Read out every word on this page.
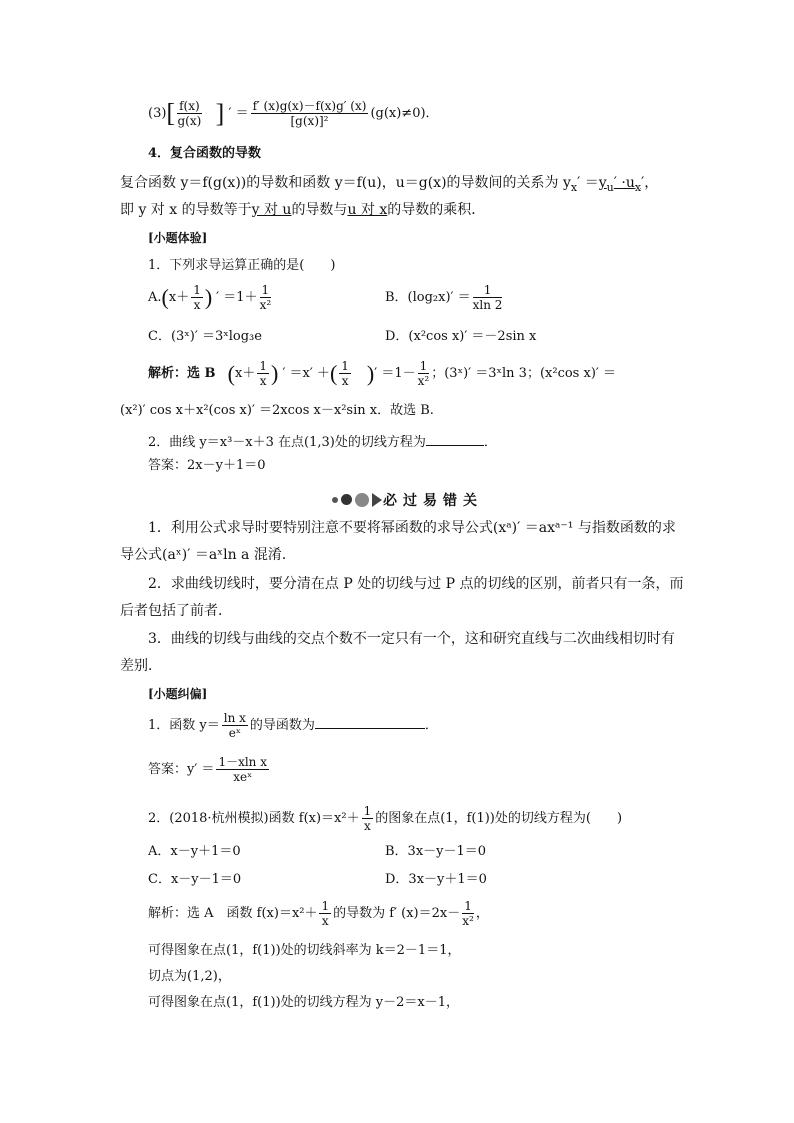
$(3)[ \frac{f(x)}{g(x)}$ ] ′ ＝ $\frac{f' (x)g(x)-f(x)g' (x)}{\text{[g(x)]²}} (g(x)\ne 0)$．
4．复合函数的导数
复合函数 y＝f(g(x))的导数和函数 y＝f(u)，u＝g(x)的导数间的关系为 $y_x' =y_u' \cdot u_x'$，
即 y 对 x 的导数等于y 对 u的导数与u 对 x的导数的乘积．
[小题体验]
1．下列求导运算正确的是(　　)
$A.(x+ \frac{1}{x}$ ) ′ $=1+ \frac{1}{\text{x²}}$	B．$(\log_2x)' = \frac{1}{xln 2}$
C．(3ˣ)′ ＝3ˣlog₃e	D．(x²cos x)′ ＝－2sin x
解析：选 B ($x+ \frac{1}{x}$ ) ′ ＝x′ ＋( $\frac{1}{x}$ )′ $=1- \frac{1}{\text{x²}}$ ；(3ˣ)′ ＝3ˣln 3；(x²cos x)′ ＝
(x²)′ cos x＋x²(cos x)′ ＝2xcos x－x²sin x．故选 B.
2．曲线 y＝x³－x＋3 在点(1,3)处的切线方程为	．
答案：2x－y＋1＝0
必过易错关
1．利用公式求导时要特别注意不要将幂函数的求导公式(xᵃ)′ ＝axᵃ⁻¹ 与指数函数的求
导公式(aˣ)′ ＝aˣln a 混淆．
2．求曲线切线时，要分清在点 P 处的切线与过 P 点的切线的区别，前者只有一条，而
后者包括了前者．
3．曲线的切线与曲线的交点个数不一定只有一个，这和研究直线与二次曲线相切时有
差别．
[小题纠偏]
1．函数 $y= \frac{\text{ln x}}{\text{eˣ}}$ 的导函数为	．
答案：$y' = \frac{\text{1－xln x}}{\text{xeˣ}}$
2．(2018·杭州模拟)函数 $f(x)=x^2+ \frac{1}{x}$ 的图象在点(1，f(1))处的切线方程为(　　)
A．x－y＋1＝0	B．3x－y－1＝0
C．x－y－1＝0	D．3x－y＋1＝0
解析：选 A　函数 $f(x)=x^2+ \frac{1}{x}$ 的导数为 f′ $(x)=2x- \frac{1}{\text{x²}}$ ，
可得图象在点(1，f(1))处的切线斜率为 k＝2－1＝1，
切点为(1,2)，
可得图象在点(1，f(1))处的切线方程为 y－2＝x－1，
